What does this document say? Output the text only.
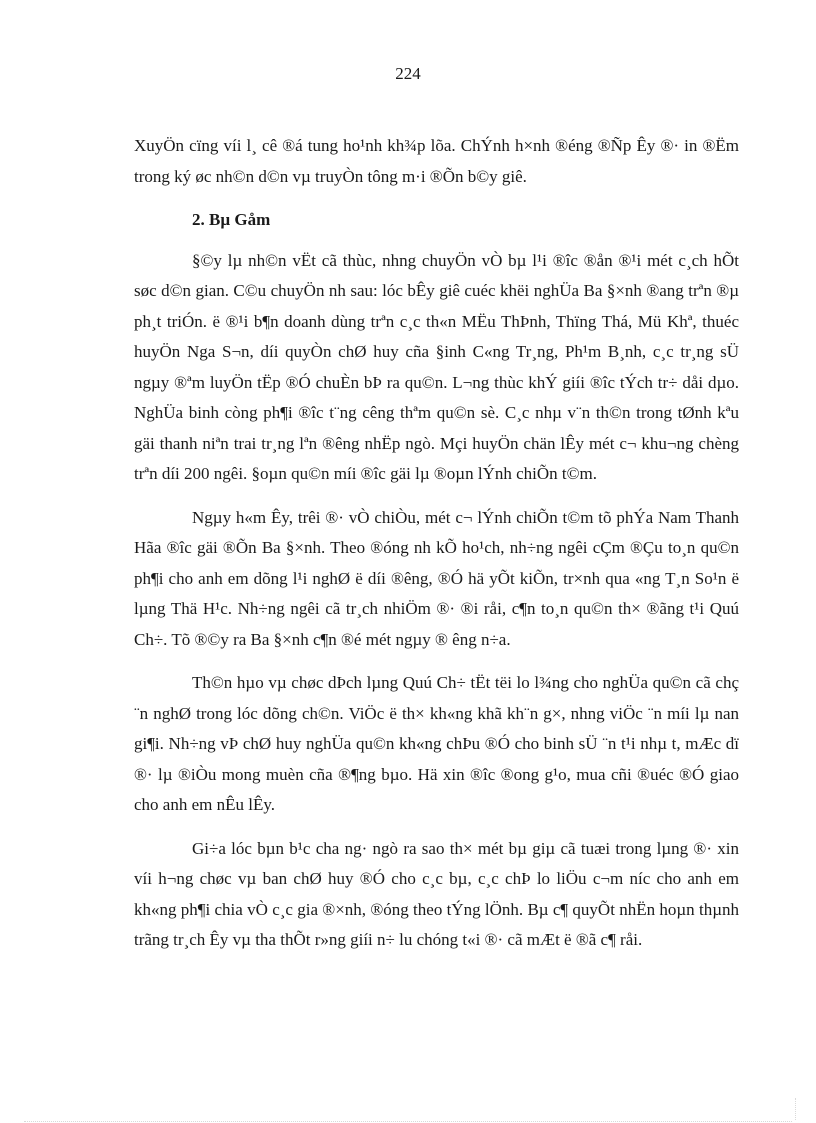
224

XuyÖn cïng víi l¸ cê ®á tung ho¹nh kh¾p lõa. ChÝnh h×nh ®éng ®Ñp Êy ®· in ®Ëm trong ký øc nh©n d©n vµ truyÒn tông m·i ®Õn b©y giê.

2. Bµ Gåm

§©y lµ nh©n vËt cã thùc, nhng chuyÖn vÒ bµ l¹i ®îc ®ån ®¹i mét c¸ch hÕt søc d©n gian. C©u chuyÖn nh sau: lóc bÊy giê cuéc khëi nghÜa Ba §×nh ®ang trªn ®µ ph¸t triÓn. ë ®¹i b¶n doanh dùng trªn c¸c th«n MËu ThÞnh, Thïng Thá, Mü Khª, thuéc huyÖn Nga S¬n, díi quyÒn chØ huy cña §inh C«ng Tr¸ng, Ph¹m B¸nh, c¸c tr¸ng sÜ ngµy ®ªm luyÖn tËp ®Ó chuÈn bÞ ra qu©n. L¬ng thùc khÝ giíi ®îc tÝch tr÷ dåi dµo. NghÜa binh còng ph¶i ®îc t¨ng cêng thªm qu©n sè. C¸c nhµ v¨n th©n trong tØnh kªu gäi thanh niªn trai tr¸ng lªn ®êng nhËp ngò. Mçi huyÖn chän lÊy mét c¬ khu¬ng chèng trªn díi 200 ngêi. §oµn qu©n míi ®îc gäi lµ ®oµn lÝnh chiÕn t©m.

Ngµy h«m Êy, trêi ®· vÒ chiÒu, mét c¬ lÝnh chiÕn t©m tõ phÝa Nam Thanh Hãa ®îc gäi ®Õn Ba §×nh. Theo ®óng nh kÕ ho¹ch, nh÷ng ngêi cÇm ®Çu to¸n qu©n ph¶i cho anh em dõng l¹i nghØ ë díi ®êng, ®Ó hä yÕt kiÕn, tr×nh qua «ng T¸n So¹n ë lµng Thä H¹c. Nh÷ng ngêi cã tr¸ch nhiÖm ®· ®i råi, c¶n to¸n qu©n th× ®ãng t¹i Quú Ch÷. Tõ ®©y ra Ba §×nh c¶n ®é mét ngµy ® êng n÷a.

Th©n hµo vµ chøc dÞch lµng Quú Ch÷ tËt tëi lo l¾ng cho nghÜa qu©n cã chç ¨n nghØ trong lóc dõng ch©n. ViÖc ë th× kh«ng khã kh¨n g×, nhng viÖc ¨n míi lµ nan gi¶i. Nh÷ng vÞ chØ huy nghÜa qu©n kh«ng chÞu ®Ó cho binh sÜ ¨n t¹i nhµ t, mÆc dï ®· lµ ®iÒu mong muèn cña ®¶ng bµo. Hä xin ®îc ®ong g¹o, mua cñi ®uéc ®Ó giao cho anh em nÊu lÊy.

Gi÷a lóc bµn b¹c cha ng· ngò ra sao th× mét bµ giµ cã tuæi trong lµng ®· xin víi h¬ng chøc vµ ban chØ huy ®Ó cho c¸c bµ, c¸c chÞ lo liÖu c¬m níc cho anh em kh«ng ph¶i chia vÒ c¸c gia ®×nh, ®óng theo tÝng lÖnh. Bµ c¶ quyÕt nhËn hoµn thµnh trãng tr¸ch Êy vµ tha thÕt r»ng giíi n÷ lu chóng t«i ®· cã mÆt ë ®ã c¶ råi.
